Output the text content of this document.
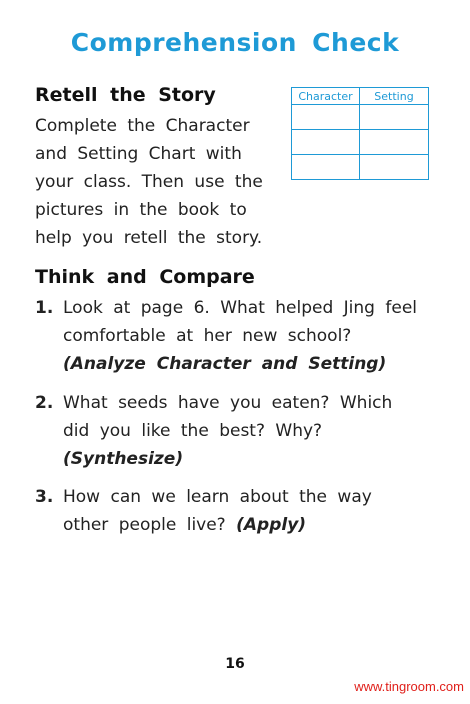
Comprehension Check
Retell the Story
Complete the Character
and Setting Chart with
your class. Then use the
pictures in the book to
help you retell the story.
Character	Setting

Think and Compare
1. Look at page 6. What helped Jing feel
comfortable at her new school?
(Analyze Character and Setting)
2. What seeds have you eaten? Which
did you like the best? Why?
(Synthesize)
3. How can we learn about the way
other people live? (Apply)
16
www.tingroom.com
